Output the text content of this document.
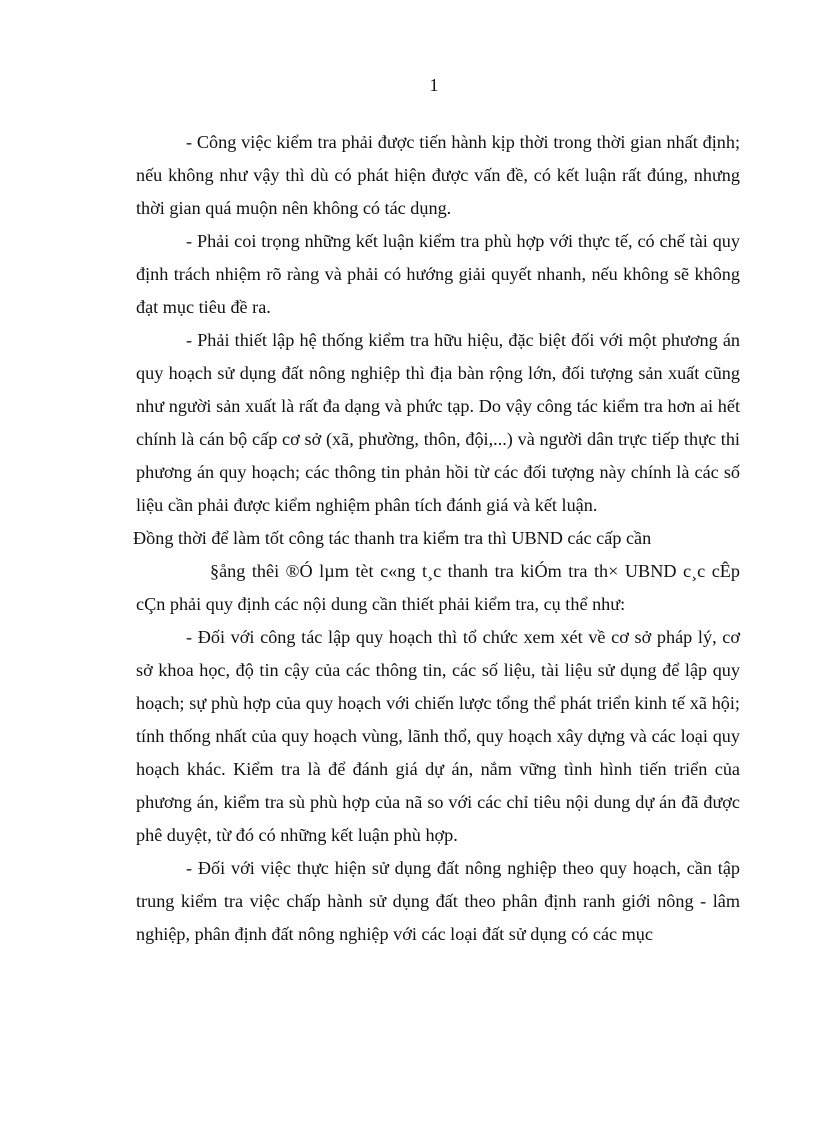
1

- Công việc kiểm tra phải được tiến hành kịp thời trong thời gian nhất định; nếu không như vậy thì dù có phát hiện được vấn đề, có kết luận rất đúng, nhưng thời gian quá muộn nên không có tác dụng.

- Phải coi trọng những kết luận kiểm tra phù hợp với thực tế, có chế tài quy định trách nhiệm rõ ràng và phải có hướng giải quyết nhanh, nếu không sẽ không đạt mục tiêu đề ra.

- Phải thiết lập hệ thống kiểm tra hữu hiệu, đặc biệt đối với một phương án quy hoạch sử dụng đất nông nghiệp thì địa bàn rộng lớn, đối tượng sản xuất cũng như người sản xuất là rất đa dạng và phức tạp. Do vậy công tác kiểm tra hơn ai hết chính là cán bộ cấp cơ sở (xã, phường, thôn, đội,...) và người dân trực tiếp thực thi phương án quy hoạch; các thông tin phản hồi từ các đối tượng này chính là các số liệu cần phải được kiểm nghiệm phân tích đánh giá và kết luận.

Đồng thời để làm tốt công tác thanh tra kiểm tra thì UBND các cấp cần

§ång thêi ®Ó lµm tèt c«ng t¸c thanh tra kiÓm tra th× UBND c¸c cÊp cÇn phải quy định các nội dung cần thiết phải kiểm tra, cụ thể như:

- Đối với công tác lập quy hoạch thì tổ chức xem xét về cơ sở pháp lý, cơ sở khoa học, độ tin cậy của các thông tin, các số liệu, tài liệu sử dụng để lập quy hoạch; sự phù hợp của quy hoạch với chiến lược tổng thể phát triển kinh tế xã hội; tính thống nhất của quy hoạch vùng, lãnh thổ, quy hoạch xây dựng và các loại quy hoạch khác. Kiểm tra là để đánh giá dự án, nắm vững tình hình tiến triển của phương án, kiểm tra sù phù hợp của nã so với các chỉ tiêu nội dung dự án đã được phê duyệt, từ đó có những kết luận phù hợp.

- Đối với việc thực hiện sử dụng đất nông nghiệp theo quy hoạch, cần tập trung kiểm tra việc chấp hành sử dụng đất theo phân định ranh giới nông - lâm nghiệp, phân định đất nông nghiệp với các loại đất sử dụng có các mục
